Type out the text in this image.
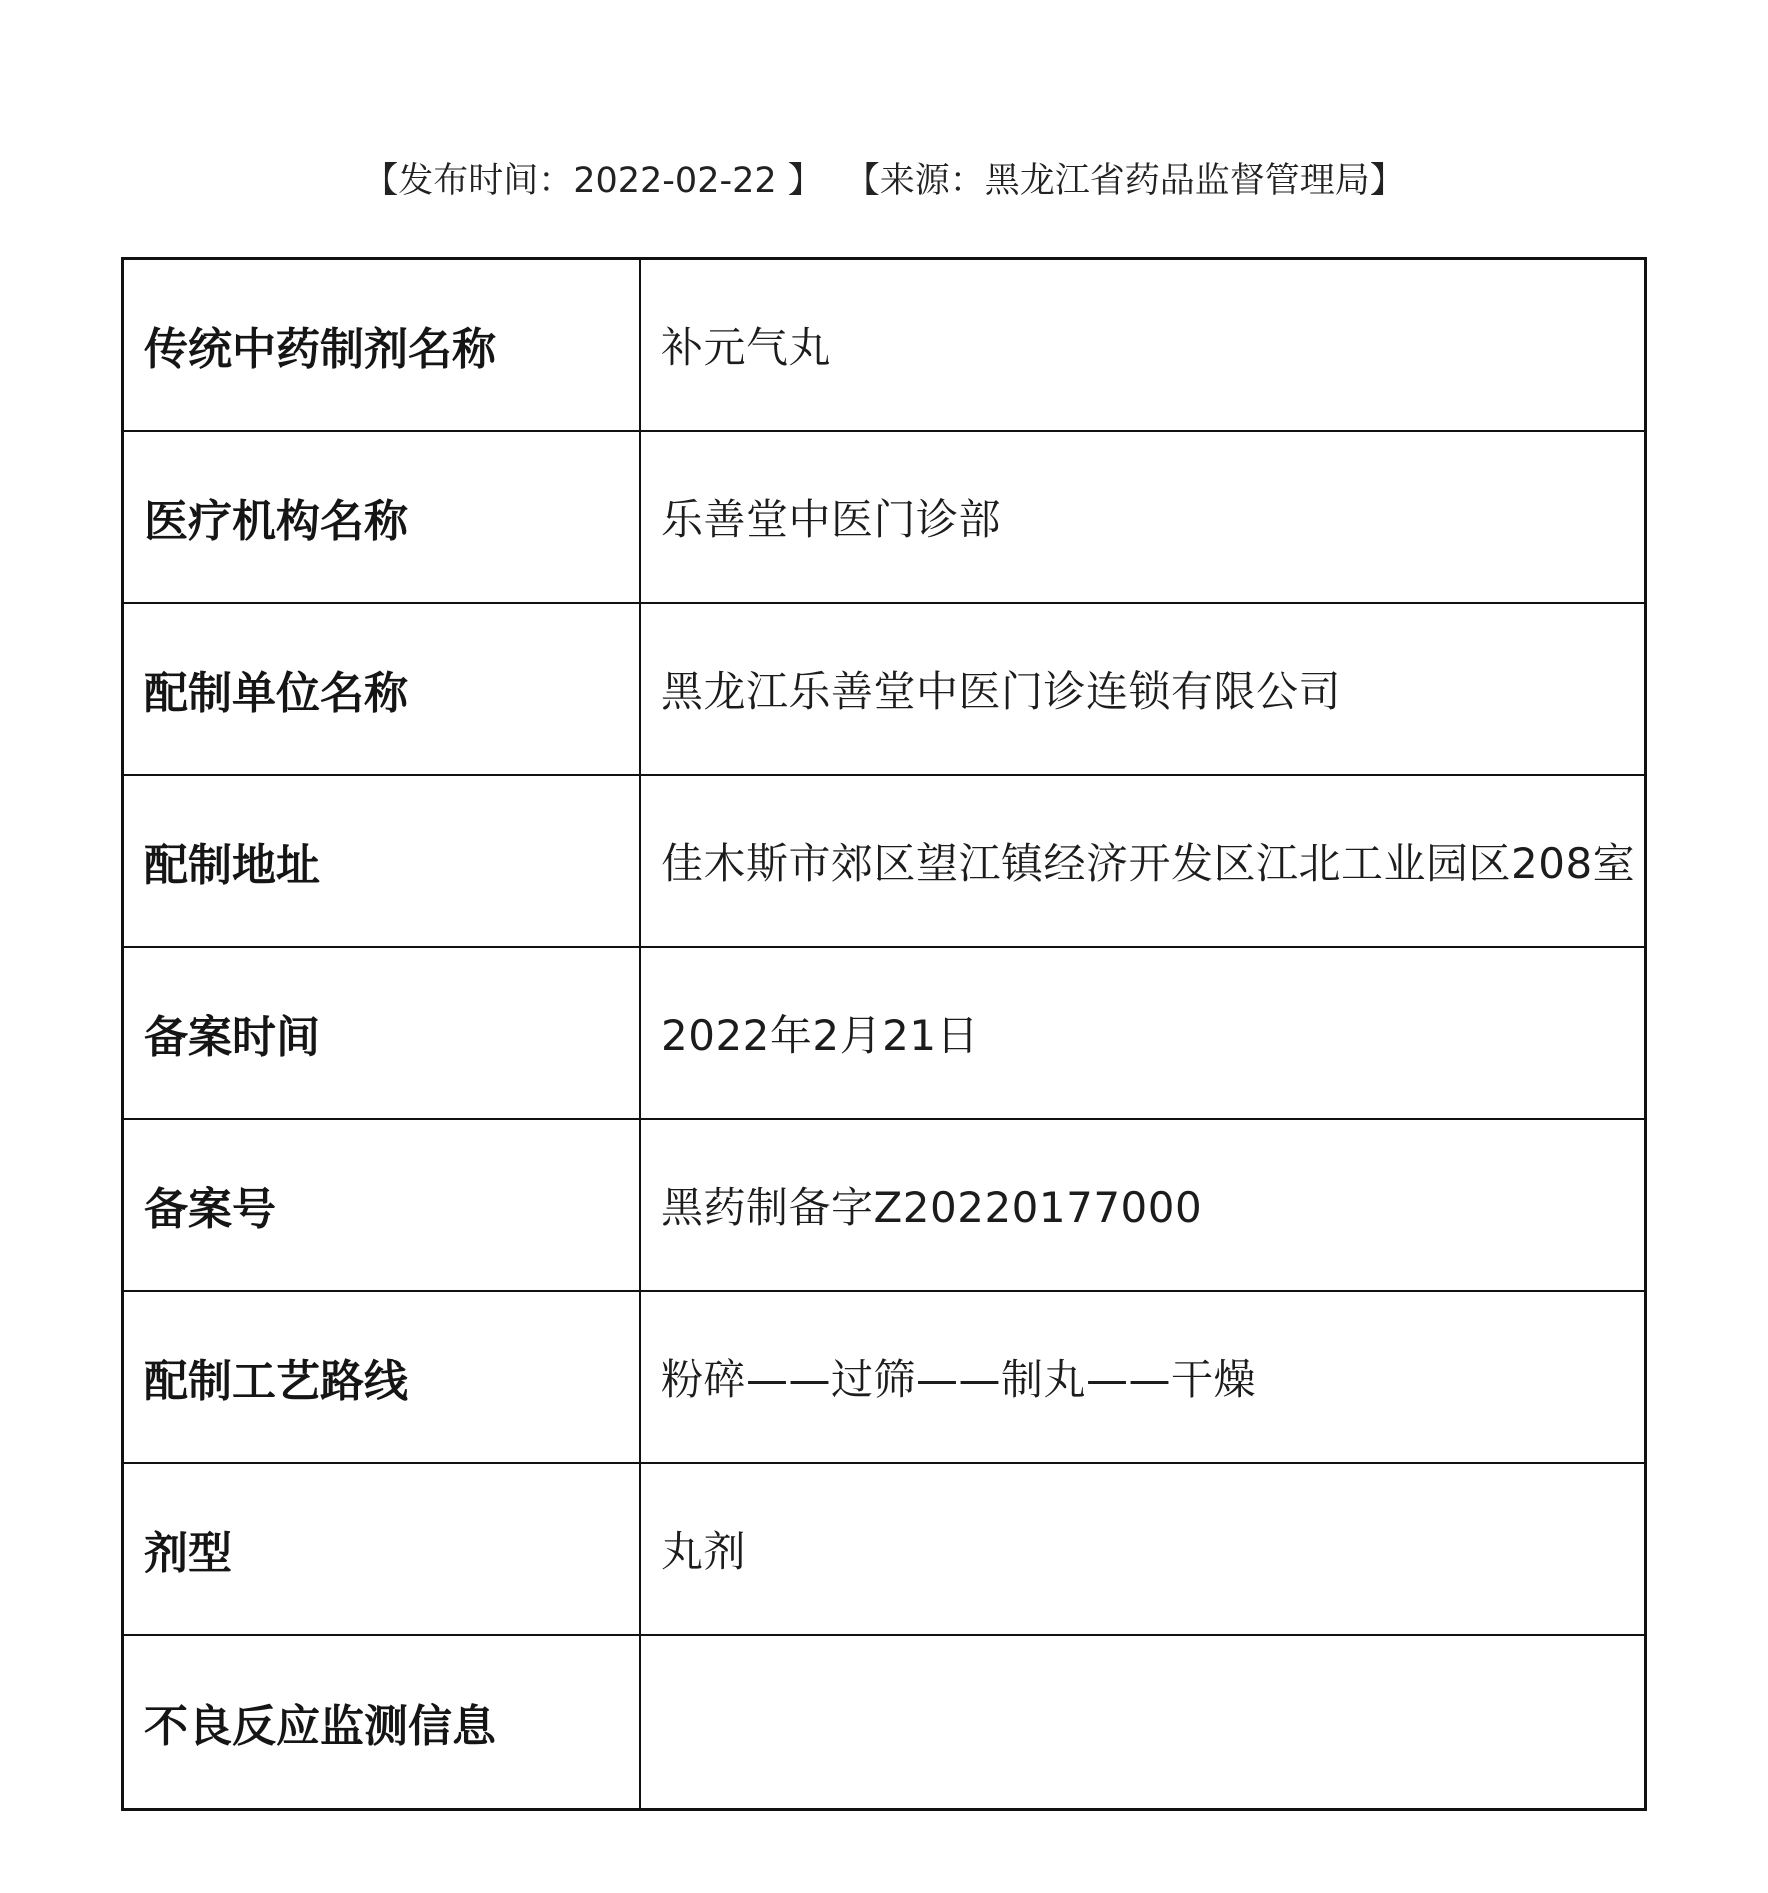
【发布时间：2022-02-22 】 【来源：黑龙江省药品监督管理局】
传统中药制剂名称	补元气丸
医疗机构名称	乐善堂中医门诊部
配制单位名称	黑龙江乐善堂中医门诊连锁有限公司
配制地址	佳木斯市郊区望江镇经济开发区江北工业园区208室
备案时间	2022年2月21日
备案号	黑药制备字Z20220177000
配制工艺路线	粉碎——过筛——制丸——干燥
剂型	丸剂
不良反应监测信息	
